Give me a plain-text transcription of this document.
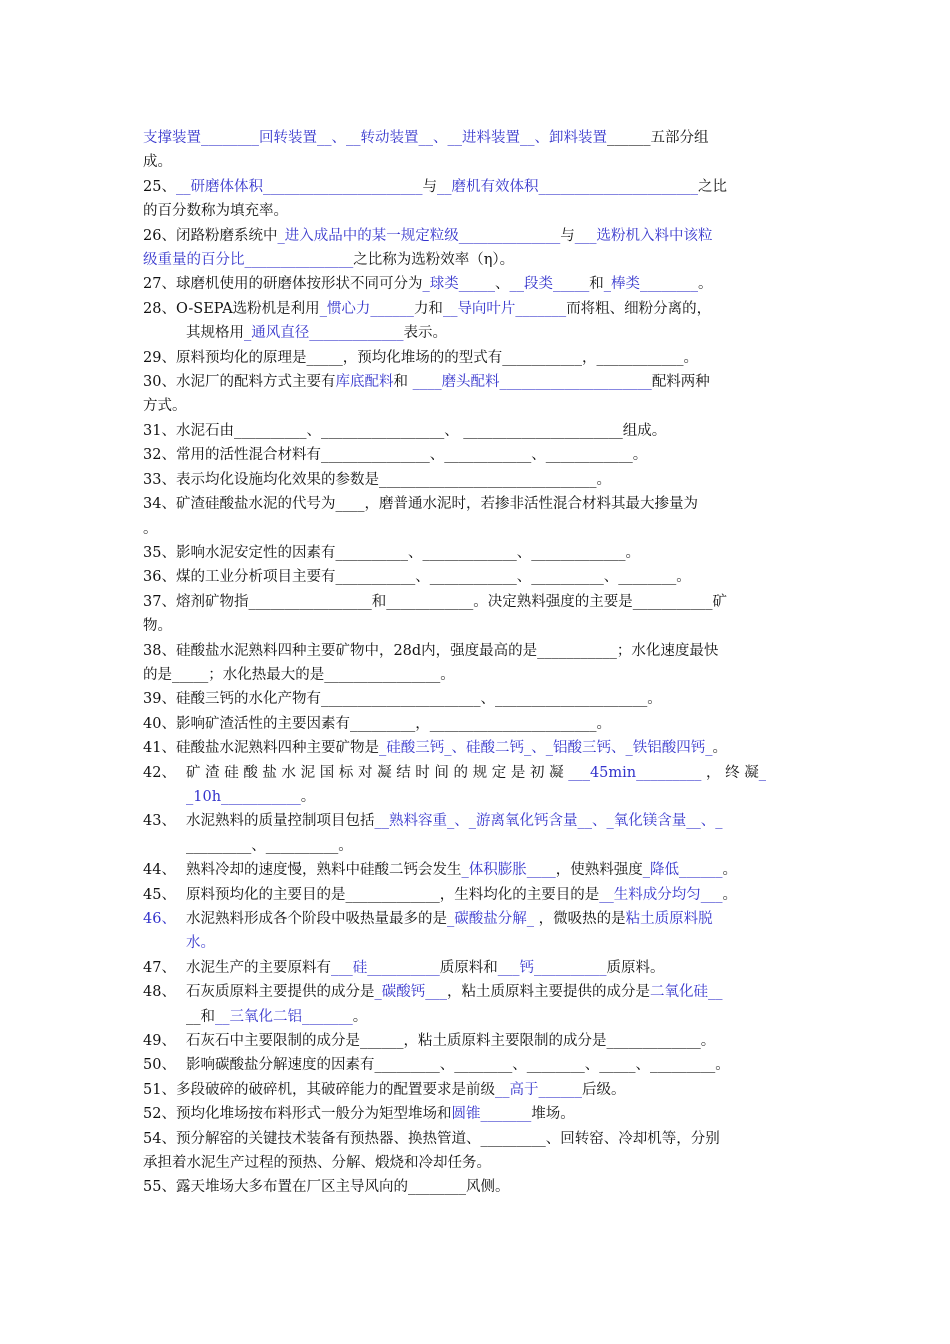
支撑装置________回转装置__、__转动装置__、__进料装置__、卸料装置______五部分组
成。
25、__研磨体体积______________________与__磨机有效体积______________________之比
的百分数称为填充率。
26、闭路粉磨系统中_进入成品中的某一规定粒级______________与___选粉机入料中该粒
级重量的百分比_______________之比称为选粉效率（η）。
27、球磨机使用的研磨体按形状不同可分为_球类_____、__段类_____和_棒类________。
28、O-SEPA选粉机是利用_惯心力______力和__导向叶片_______而将粗、细粉分离的，
其规格用_通风直径_____________表示。
29、原料预均化的原理是_____，预均化堆场的的型式有___________，____________。
30、水泥厂的配料方式主要有库底配料和 ____磨头配料_____________________配料两种
方式。
31、水泥石由__________、_________________、 ______________________组成。
32、常用的活性混合材料有_______________、____________、____________。
33、表示均化设施均化效果的参数是______________________________。
34、矿渣硅酸盐水泥的代号为____，磨普通水泥时，若掺非活性混合材料其最大掺量为
。
35、影响水泥安定性的因素有__________、_____________、_____________。
36、煤的工业分析项目主要有___________、____________、__________、________。
37、熔剂矿物指_________________和____________。决定熟料强度的主要是___________矿
物。
38、硅酸盐水泥熟料四种主要矿物中，28d内，强度最高的是___________；水化速度最快
的是_____；水化热最大的是________________。
39、硅酸三钙的水化产物有______________________、_____________________。
40、影响矿渣活性的主要因素有_________，_______________________。
41、硅酸盐水泥熟料四种主要矿物是_硅酸三钙_、硅酸二钙_、_铝酸三钙、_铁铝酸四钙_。
42、 矿 渣 硅 酸 盐 水 泥 国 标 对 凝 结 时 间 的 规 定 是 初 凝 ___45min_________ ， 终 凝_
_10h___________。
43、 水泥熟料的质量控制项目包括__熟料容重_、_游离氧化钙含量__、_氧化镁含量__、_
_________、__________。
44、 熟料冷却的速度慢，熟料中硅酸二钙会发生_体积膨胀____，使熟料强度_降低______。
45、 原料预均化的主要目的是_____________，生料均化的主要目的是__生料成分均匀___。
46、 水泥熟料形成各个阶段中吸热量最多的是_碳酸盐分解_ ，微吸热的是粘土质原料脱
水。
47、 水泥生产的主要原料有___硅__________质原料和___钙__________质原料。
48、 石灰质原料主要提供的成分是_碳酸钙___，粘土质原料主要提供的成分是二氧化硅__
__和__三氧化二铝_______。
49、 石灰石中主要限制的成分是______，粘土质原料主要限制的成分是_____________。
50、 影响碳酸盐分解速度的因素有_________、________、________、_____、_________。
51、多段破碎的破碎机，其破碎能力的配置要求是前级__高于______后级。
52、预均化堆场按布料形式一般分为矩型堆场和圆锥_______堆场。
54、预分解窑的关键技术装备有预热器、换热管道、_________、回转窑、冷却机等，分别
承担着水泥生产过程的预热、分解、煅烧和冷却任务。
55、露天堆场大多布置在厂区主导风向的________风侧。
